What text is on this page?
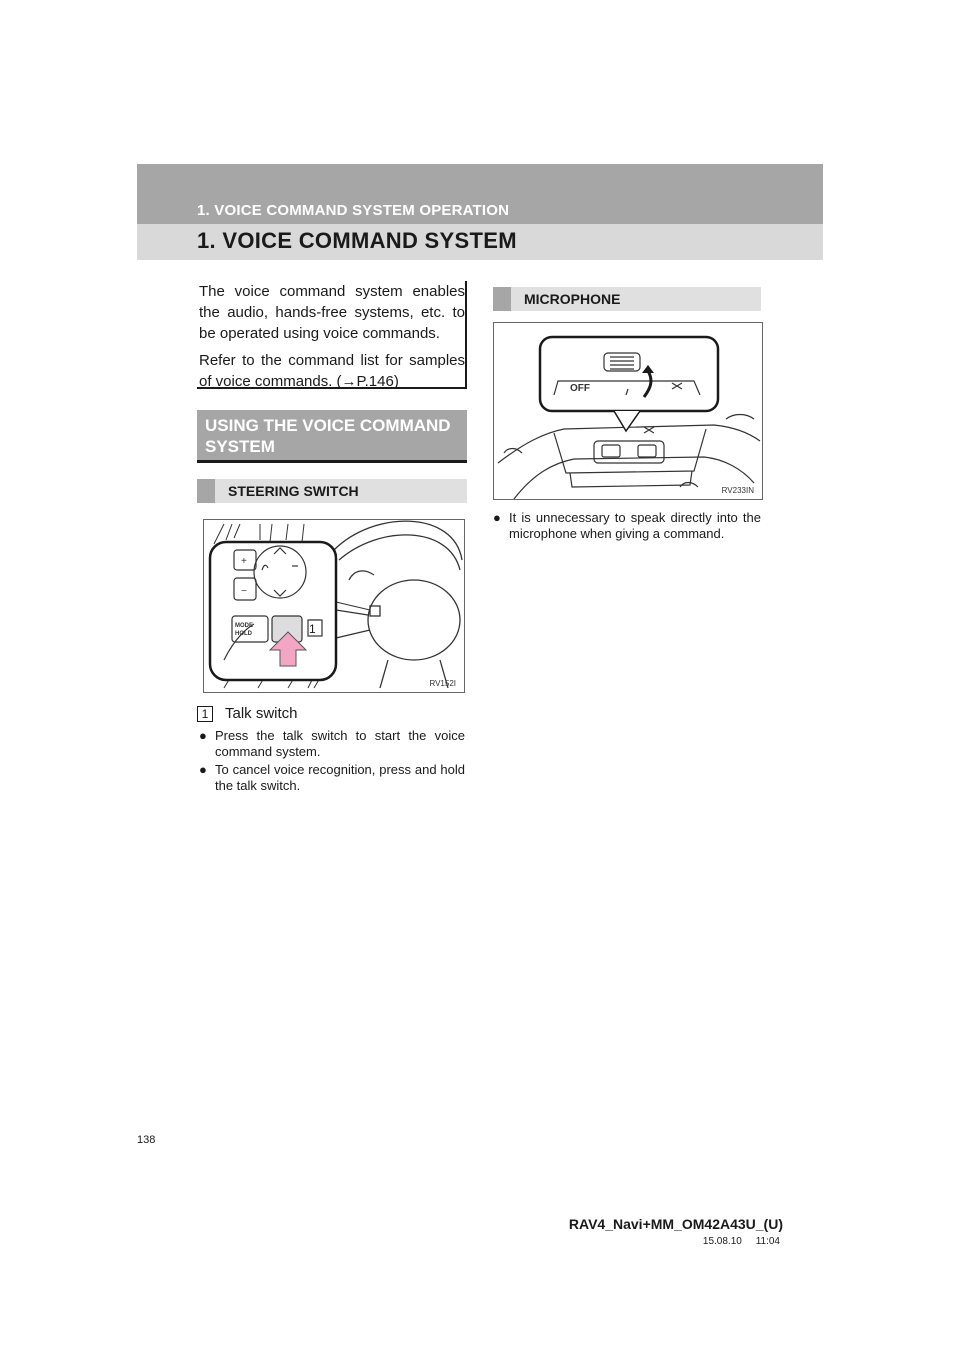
1. VOICE COMMAND SYSTEM OPERATION
1. VOICE COMMAND SYSTEM

The voice command system enables the audio, hands-free systems, etc. to be operated using voice commands.

Refer to the command list for samples of voice commands. (→P.146)

USING THE VOICE COMMAND SYSTEM
STEERING SWITCH
+
−
MODE
HOLD	1
RV152I
1	Talk switch
● Press the talk switch to start the voice command system.
● To cancel voice recognition, press and hold the talk switch.
MICROPHONE
OFF
RV233IN
● It is unnecessary to speak directly into the microphone when giving a command.
138
RAV4_Navi+MM_OM42A43U_(U)
15.08.10     11:04
